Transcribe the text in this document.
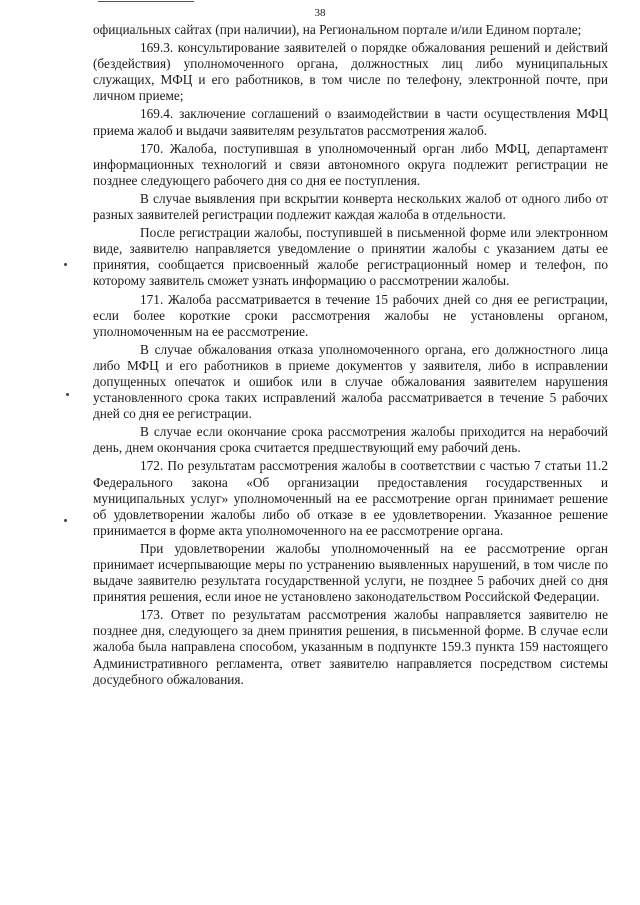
38

официальных сайтах (при наличии), на Региональном портале и/или Едином портале;

169.3. консультирование заявителей о порядке обжалования решений и действий (бездействия) уполномоченного органа, должностных лиц либо муниципальных служащих, МФЦ и его работников, в том числе по телефону, электронной почте, при личном приеме;

169.4. заключение соглашений о взаимодействии в части осуществления МФЦ приема жалоб и выдачи заявителям результатов рассмотрения жалоб.

170. Жалоба, поступившая в уполномоченный орган либо МФЦ, департамент информационных технологий и связи автономного округа подлежит регистрации не позднее следующего рабочего дня со дня ее поступления.

В случае выявления при вскрытии конверта нескольких жалоб от одного либо от разных заявителей регистрации подлежит каждая жалоба в отдельности.

После регистрации жалобы, поступившей в письменной форме или электронном виде, заявителю направляется уведомление о принятии жалобы с указанием даты ее принятия, сообщается присвоенный жалобе регистрационный номер и телефон, по которому заявитель сможет узнать информацию о рассмотрении жалобы.

171. Жалоба рассматривается в течение 15 рабочих дней со дня ее регистрации, если более короткие сроки рассмотрения жалобы не установлены органом, уполномоченным на ее рассмотрение.

В случае обжалования отказа уполномоченного органа, его должностного лица либо МФЦ и его работников в приеме документов у заявителя, либо в исправлении допущенных опечаток и ошибок или в случае обжалования заявителем нарушения установленного срока таких исправлений жалоба рассматривается в течение 5 рабочих дней со дня ее регистрации.

В случае если окончание срока рассмотрения жалобы приходится на нерабочий день, днем окончания срока считается предшествующий ему рабочий день.

172. По результатам рассмотрения жалобы в соответствии с частью 7 статьи 11.2 Федерального закона «Об организации предоставления государственных и муниципальных услуг» уполномоченный на ее рассмотрение орган принимает решение об удовлетворении жалобы либо об отказе в ее удовлетворении. Указанное решение принимается в форме акта уполномоченного на ее рассмотрение органа.

При удовлетворении жалобы уполномоченный на ее рассмотрение орган принимает исчерпывающие меры по устранению выявленных нарушений, в том числе по выдаче заявителю результата государственной услуги, не позднее 5 рабочих дней со дня принятия решения, если иное не установлено законодательством Российской Федерации.

173. Ответ по результатам рассмотрения жалобы направляется заявителю не позднее дня, следующего за днем принятия решения, в письменной форме. В случае если жалоба была направлена способом, указанным в подпункте 159.3 пункта 159 настоящего Административного регламента, ответ заявителю направляется посредством системы досудебного обжалования.
